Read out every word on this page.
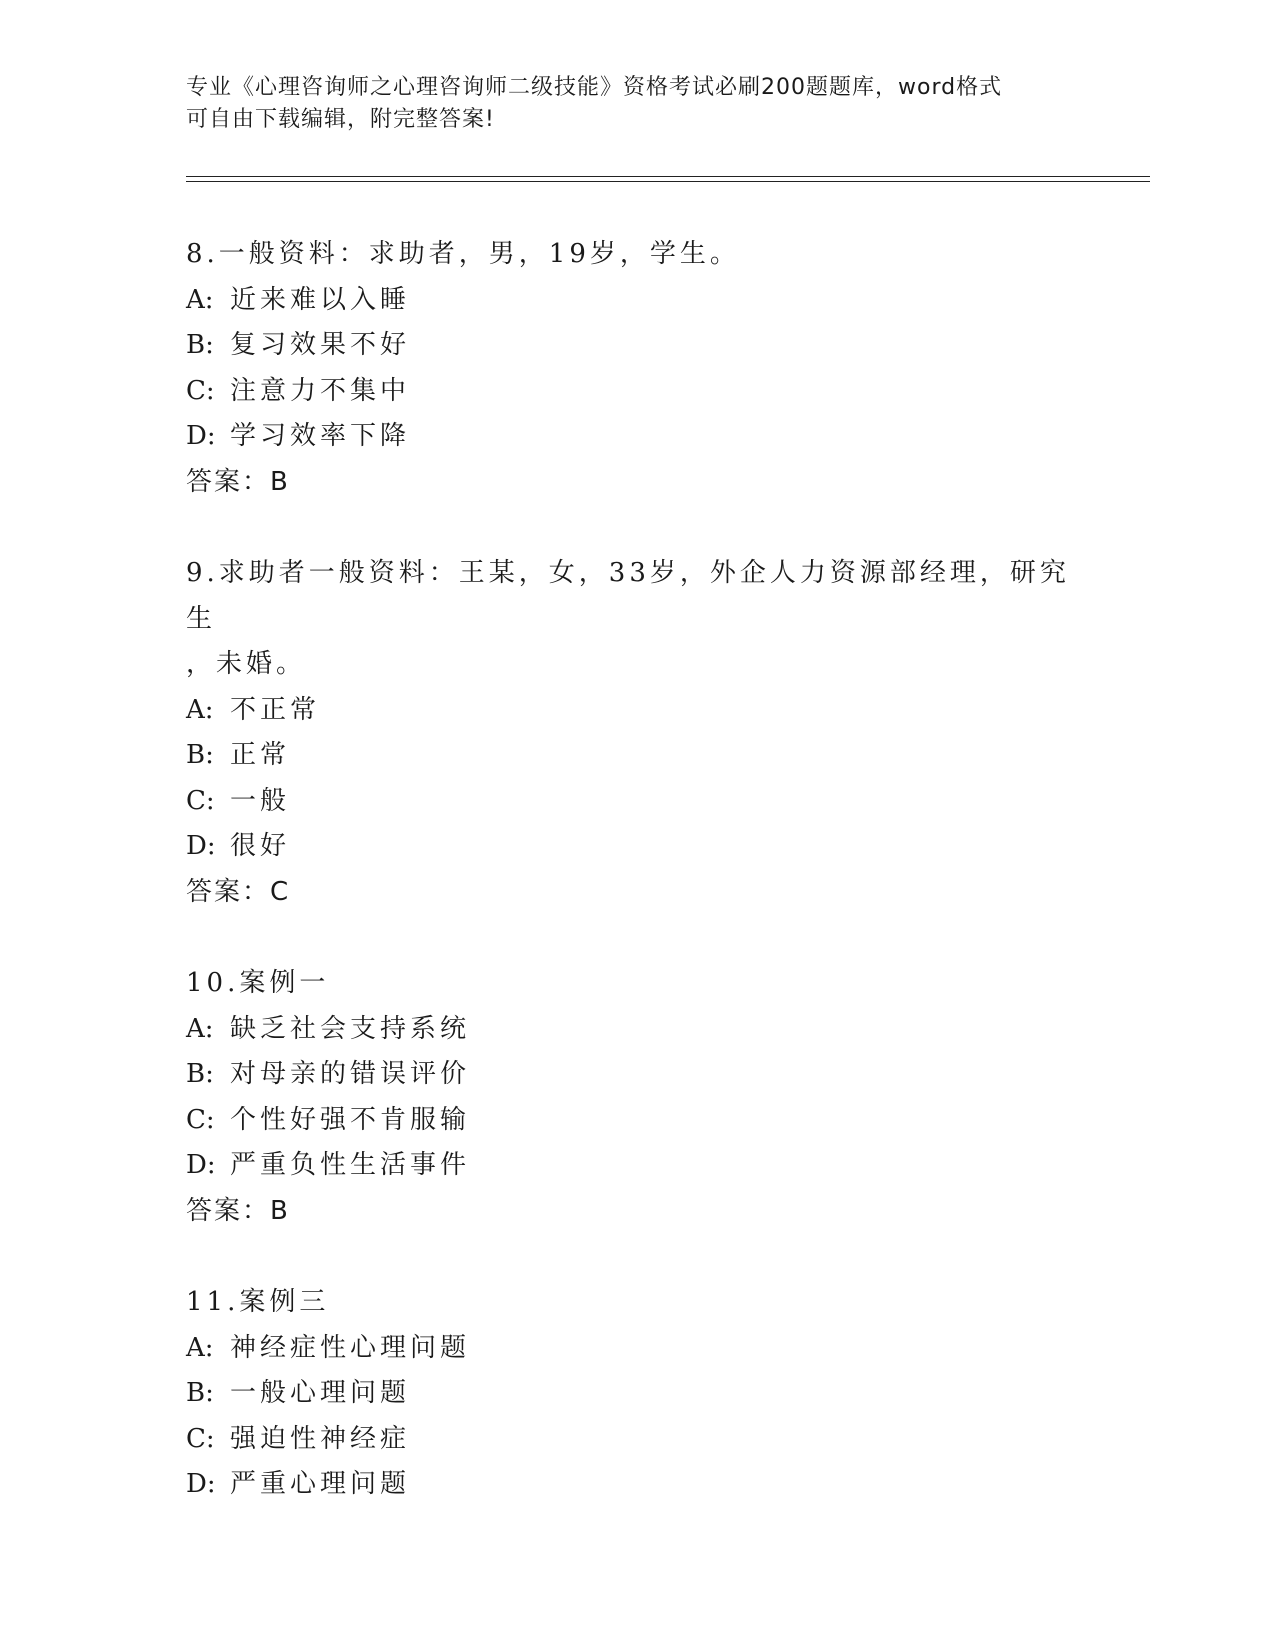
专业《心理咨询师之心理咨询师二级技能》资格考试必刷200题题库，word格式
可自由下载编辑，附完整答案!
8.一般资料：求助者，男，19岁，学生。
A: 近来难以入睡
B: 复习效果不好
C: 注意力不集中
D: 学习效率下降
答案：B
9.求助者一般资料：王某，女，33岁，外企人力资源部经理，研究生
，未婚。
A: 不正常
B: 正常
C: 一般
D: 很好
答案：C
10.案例一
A: 缺乏社会支持系统
B: 对母亲的错误评价
C: 个性好强不肯服输
D: 严重负性生活事件
答案：B
11.案例三
A: 神经症性心理问题
B: 一般心理问题
C: 强迫性神经症
D: 严重心理问题
